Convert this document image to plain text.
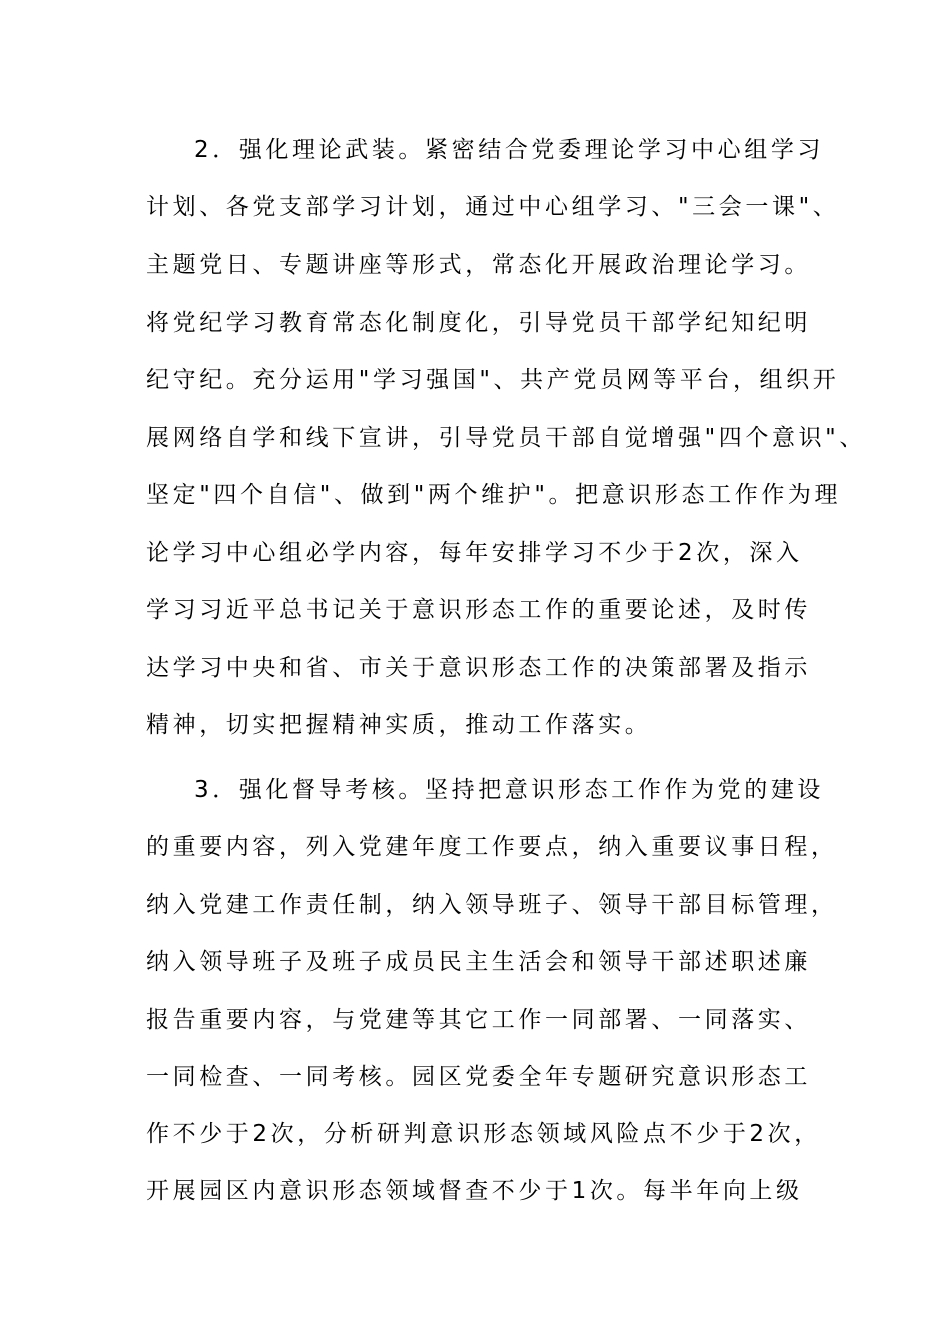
2．强化理论武装。紧密结合党委理论学习中心组学习
计划、各党支部学习计划，通过中心组学习、"三会一课"、
主题党日、专题讲座等形式，常态化开展政治理论学习。
将党纪学习教育常态化制度化，引导党员干部学纪知纪明
纪守纪。充分运用"学习强国"、共产党员网等平台，组织开
展网络自学和线下宣讲，引导党员干部自觉增强"四个意识"、
坚定"四个自信"、做到"两个维护"。把意识形态工作作为理
论学习中心组必学内容，每年安排学习不少于2次，深入
学习习近平总书记关于意识形态工作的重要论述，及时传
达学习中央和省、市关于意识形态工作的决策部署及指示
精神，切实把握精神实质，推动工作落实。
3．强化督导考核。坚持把意识形态工作作为党的建设
的重要内容，列入党建年度工作要点，纳入重要议事日程，
纳入党建工作责任制，纳入领导班子、领导干部目标管理，
纳入领导班子及班子成员民主生活会和领导干部述职述廉
报告重要内容，与党建等其它工作一同部署、一同落实、
一同检查、一同考核。园区党委全年专题研究意识形态工
作不少于2次，分析研判意识形态领域风险点不少于2次，
开展园区内意识形态领域督查不少于1次。每半年向上级
